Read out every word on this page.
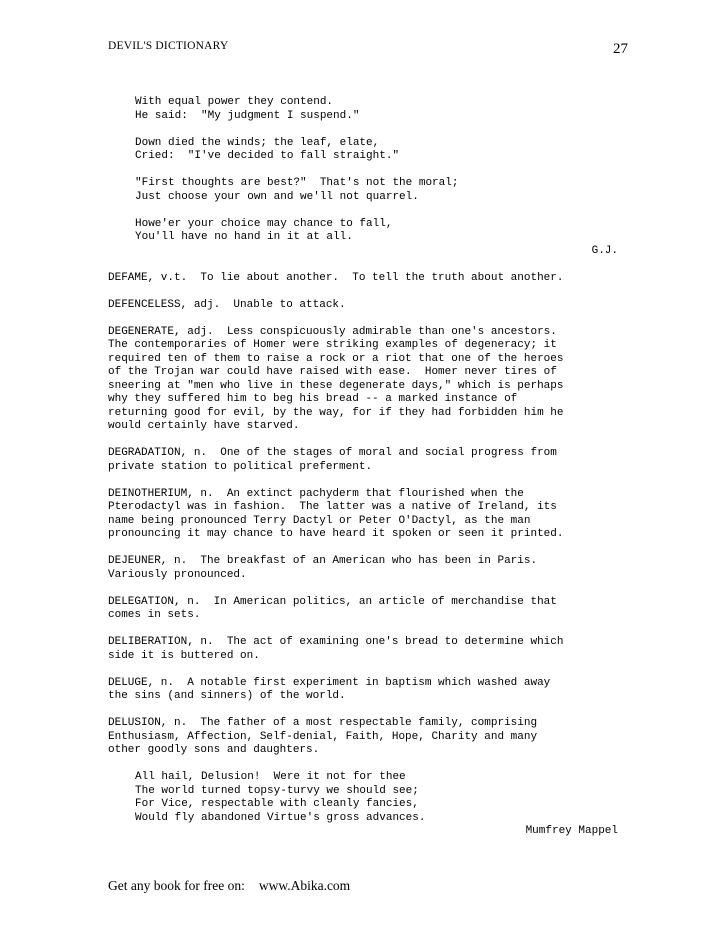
DEVIL'S DICTIONARY	27
With equal power they contend.
He said:  "My judgment I suspend."
Down died the winds; the leaf, elate,
Cried:  "I've decided to fall straight."
"First thoughts are best?"  That's not the moral;
Just choose your own and we'll not quarrel.
Howe'er your choice may chance to fall,
You'll have no hand in it at all.
G.J.
DEFAME, v.t.  To lie about another.  To tell the truth about another.
DEFENCELESS, adj.  Unable to attack.
DEGENERATE, adj.  Less conspicuously admirable than one's ancestors.
The contemporaries of Homer were striking examples of degeneracy; it
required ten of them to raise a rock or a riot that one of the heroes
of the Trojan war could have raised with ease.  Homer never tires of
sneering at "men who live in these degenerate days," which is perhaps
why they suffered him to beg his bread -- a marked instance of
returning good for evil, by the way, for if they had forbidden him he
would certainly have starved.
DEGRADATION, n.  One of the stages of moral and social progress from
private station to political preferment.
DEINOTHERIUM, n.  An extinct pachyderm that flourished when the
Pterodactyl was in fashion.  The latter was a native of Ireland, its
name being pronounced Terry Dactyl or Peter O'Dactyl, as the man
pronouncing it may chance to have heard it spoken or seen it printed.
DEJEUNER, n.  The breakfast of an American who has been in Paris.
Variously pronounced.
DELEGATION, n.  In American politics, an article of merchandise that
comes in sets.
DELIBERATION, n.  The act of examining one's bread to determine which
side it is buttered on.
DELUGE, n.  A notable first experiment in baptism which washed away
the sins (and sinners) of the world.
DELUSION, n.  The father of a most respectable family, comprising
Enthusiasm, Affection, Self-denial, Faith, Hope, Charity and many
other goodly sons and daughters.
All hail, Delusion!  Were it not for thee
The world turned topsy-turvy we should see;
For Vice, respectable with cleanly fancies,
Would fly abandoned Virtue's gross advances.
Mumfrey Mappel
Get any book for free on: www.Abika.com
